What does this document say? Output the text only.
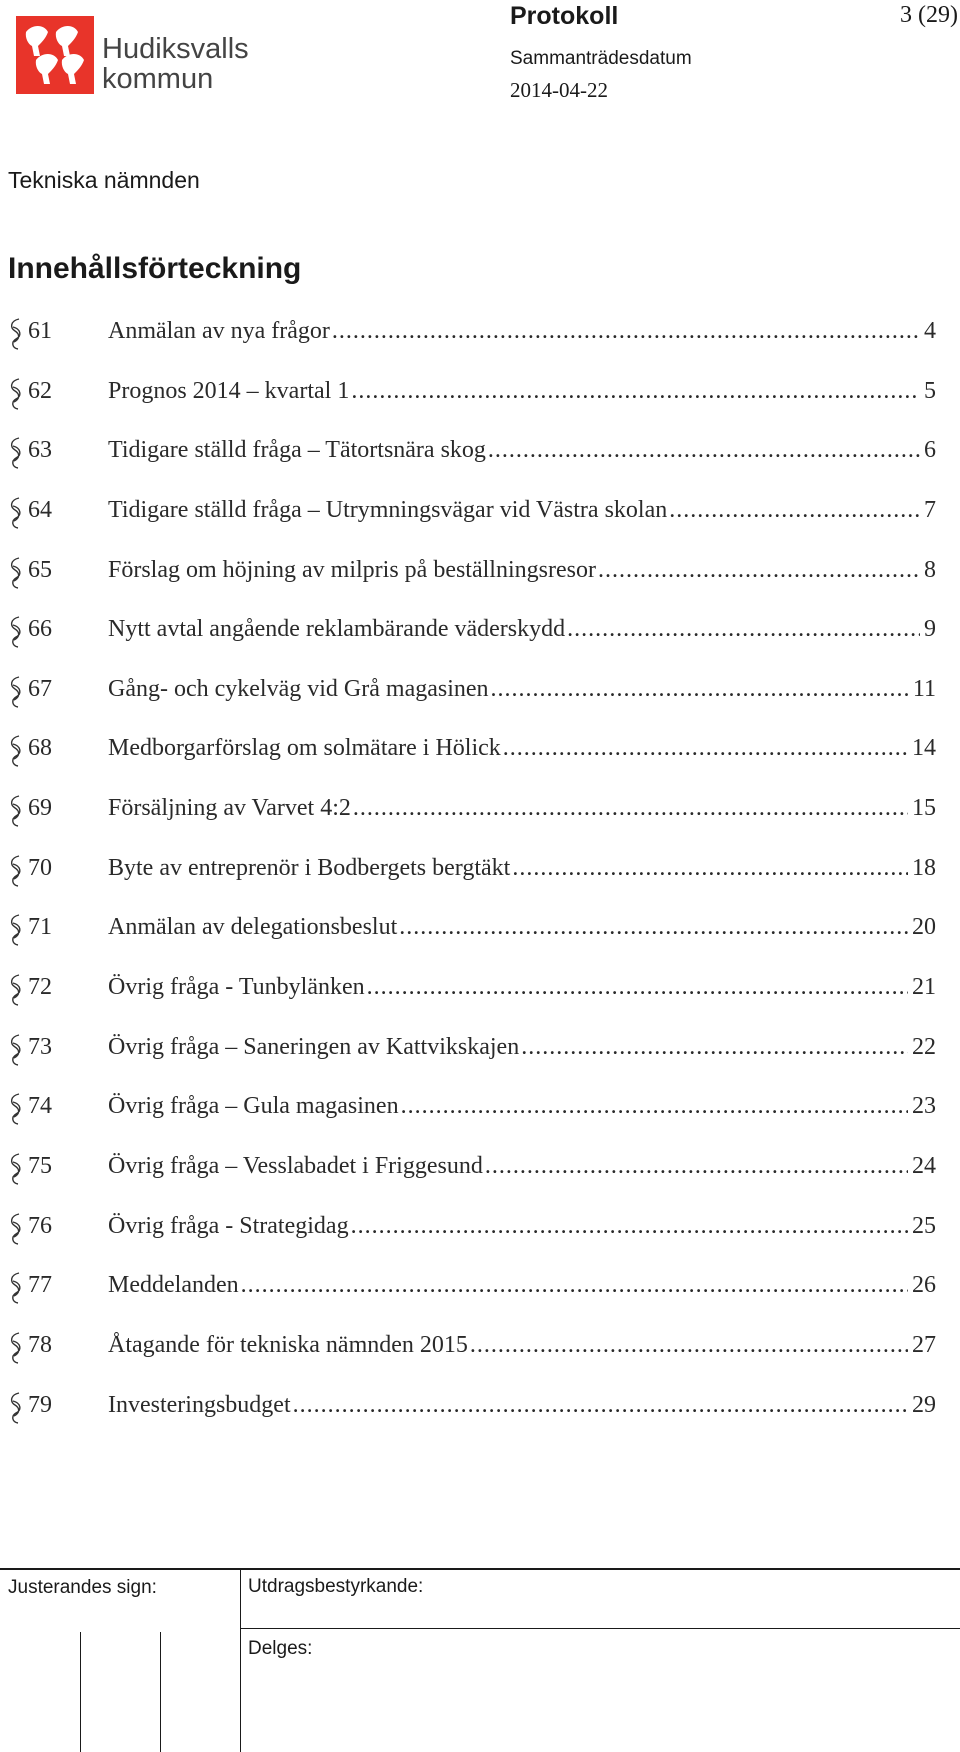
Hudiksvalls
kommun
Protokoll	3 (29)
Sammanträdesdatum
2014-04-22
Tekniska nämnden
Innehållsförteckning
61 Anmälan av nya frågor .....	4
62 Prognos 2014 – kvartal 1 .....	5
63 Tidigare ställd fråga – Tätortsnära skog .....	6
64 Tidigare ställd fråga – Utrymningsvägar vid Västra skolan .....	7
65 Förslag om höjning av milpris på beställningsresor .....	8
66 Nytt avtal angående reklambärande väderskydd .....	9
67 Gång- och cykelväg vid Grå magasinen .....	11
68 Medborgarförslag om solmätare i Hölick .....	14
69 Försäljning av Varvet 4:2 .....	15
70 Byte av entreprenör i Bodbergets bergtäkt .....	18
71 Anmälan av delegationsbeslut .....	20
72 Övrig fråga - Tunbylänken .....	21
73 Övrig fråga – Saneringen av Kattvikskajen .....	22
74 Övrig fråga – Gula magasinen .....	23
75 Övrig fråga – Vesslabadet i Friggesund .....	24
76 Övrig fråga - Strategidag .....	25
77 Meddelanden .....	26
78 Åtagande för tekniska nämnden 2015 .....	27
79 Investeringsbudget .....	29
Justerandes sign:	Utdragsbestyrkande:
Delges:
